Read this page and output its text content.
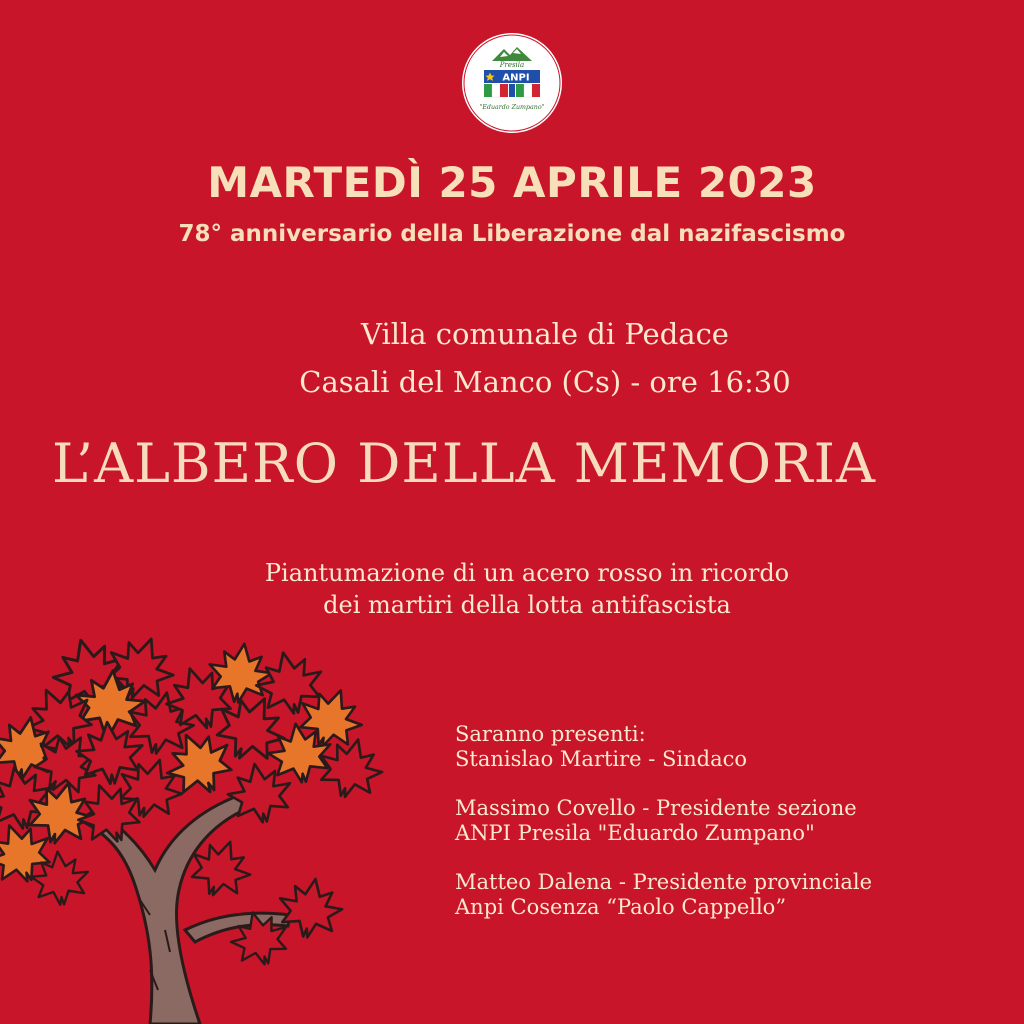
Presila
ANPI
"Eduardo Zumpano"
MARTEDÌ 25 APRILE 2023
78° anniversario della Liberazione dal nazifascismo
Villa comunale di Pedace
Casali del Manco (Cs) - ore 16:30
L’ALBERO DELLA MEMORIA
Piantumazione di un acero rosso in ricordo
dei martiri della lotta antifascista

Saranno presenti:
Stanislao Martire - Sindaco

Massimo Covello - Presidente sezione ANPI Presila "Eduardo Zumpano"

Matteo Dalena - Presidente provinciale Anpi Cosenza “Paolo Cappello”
